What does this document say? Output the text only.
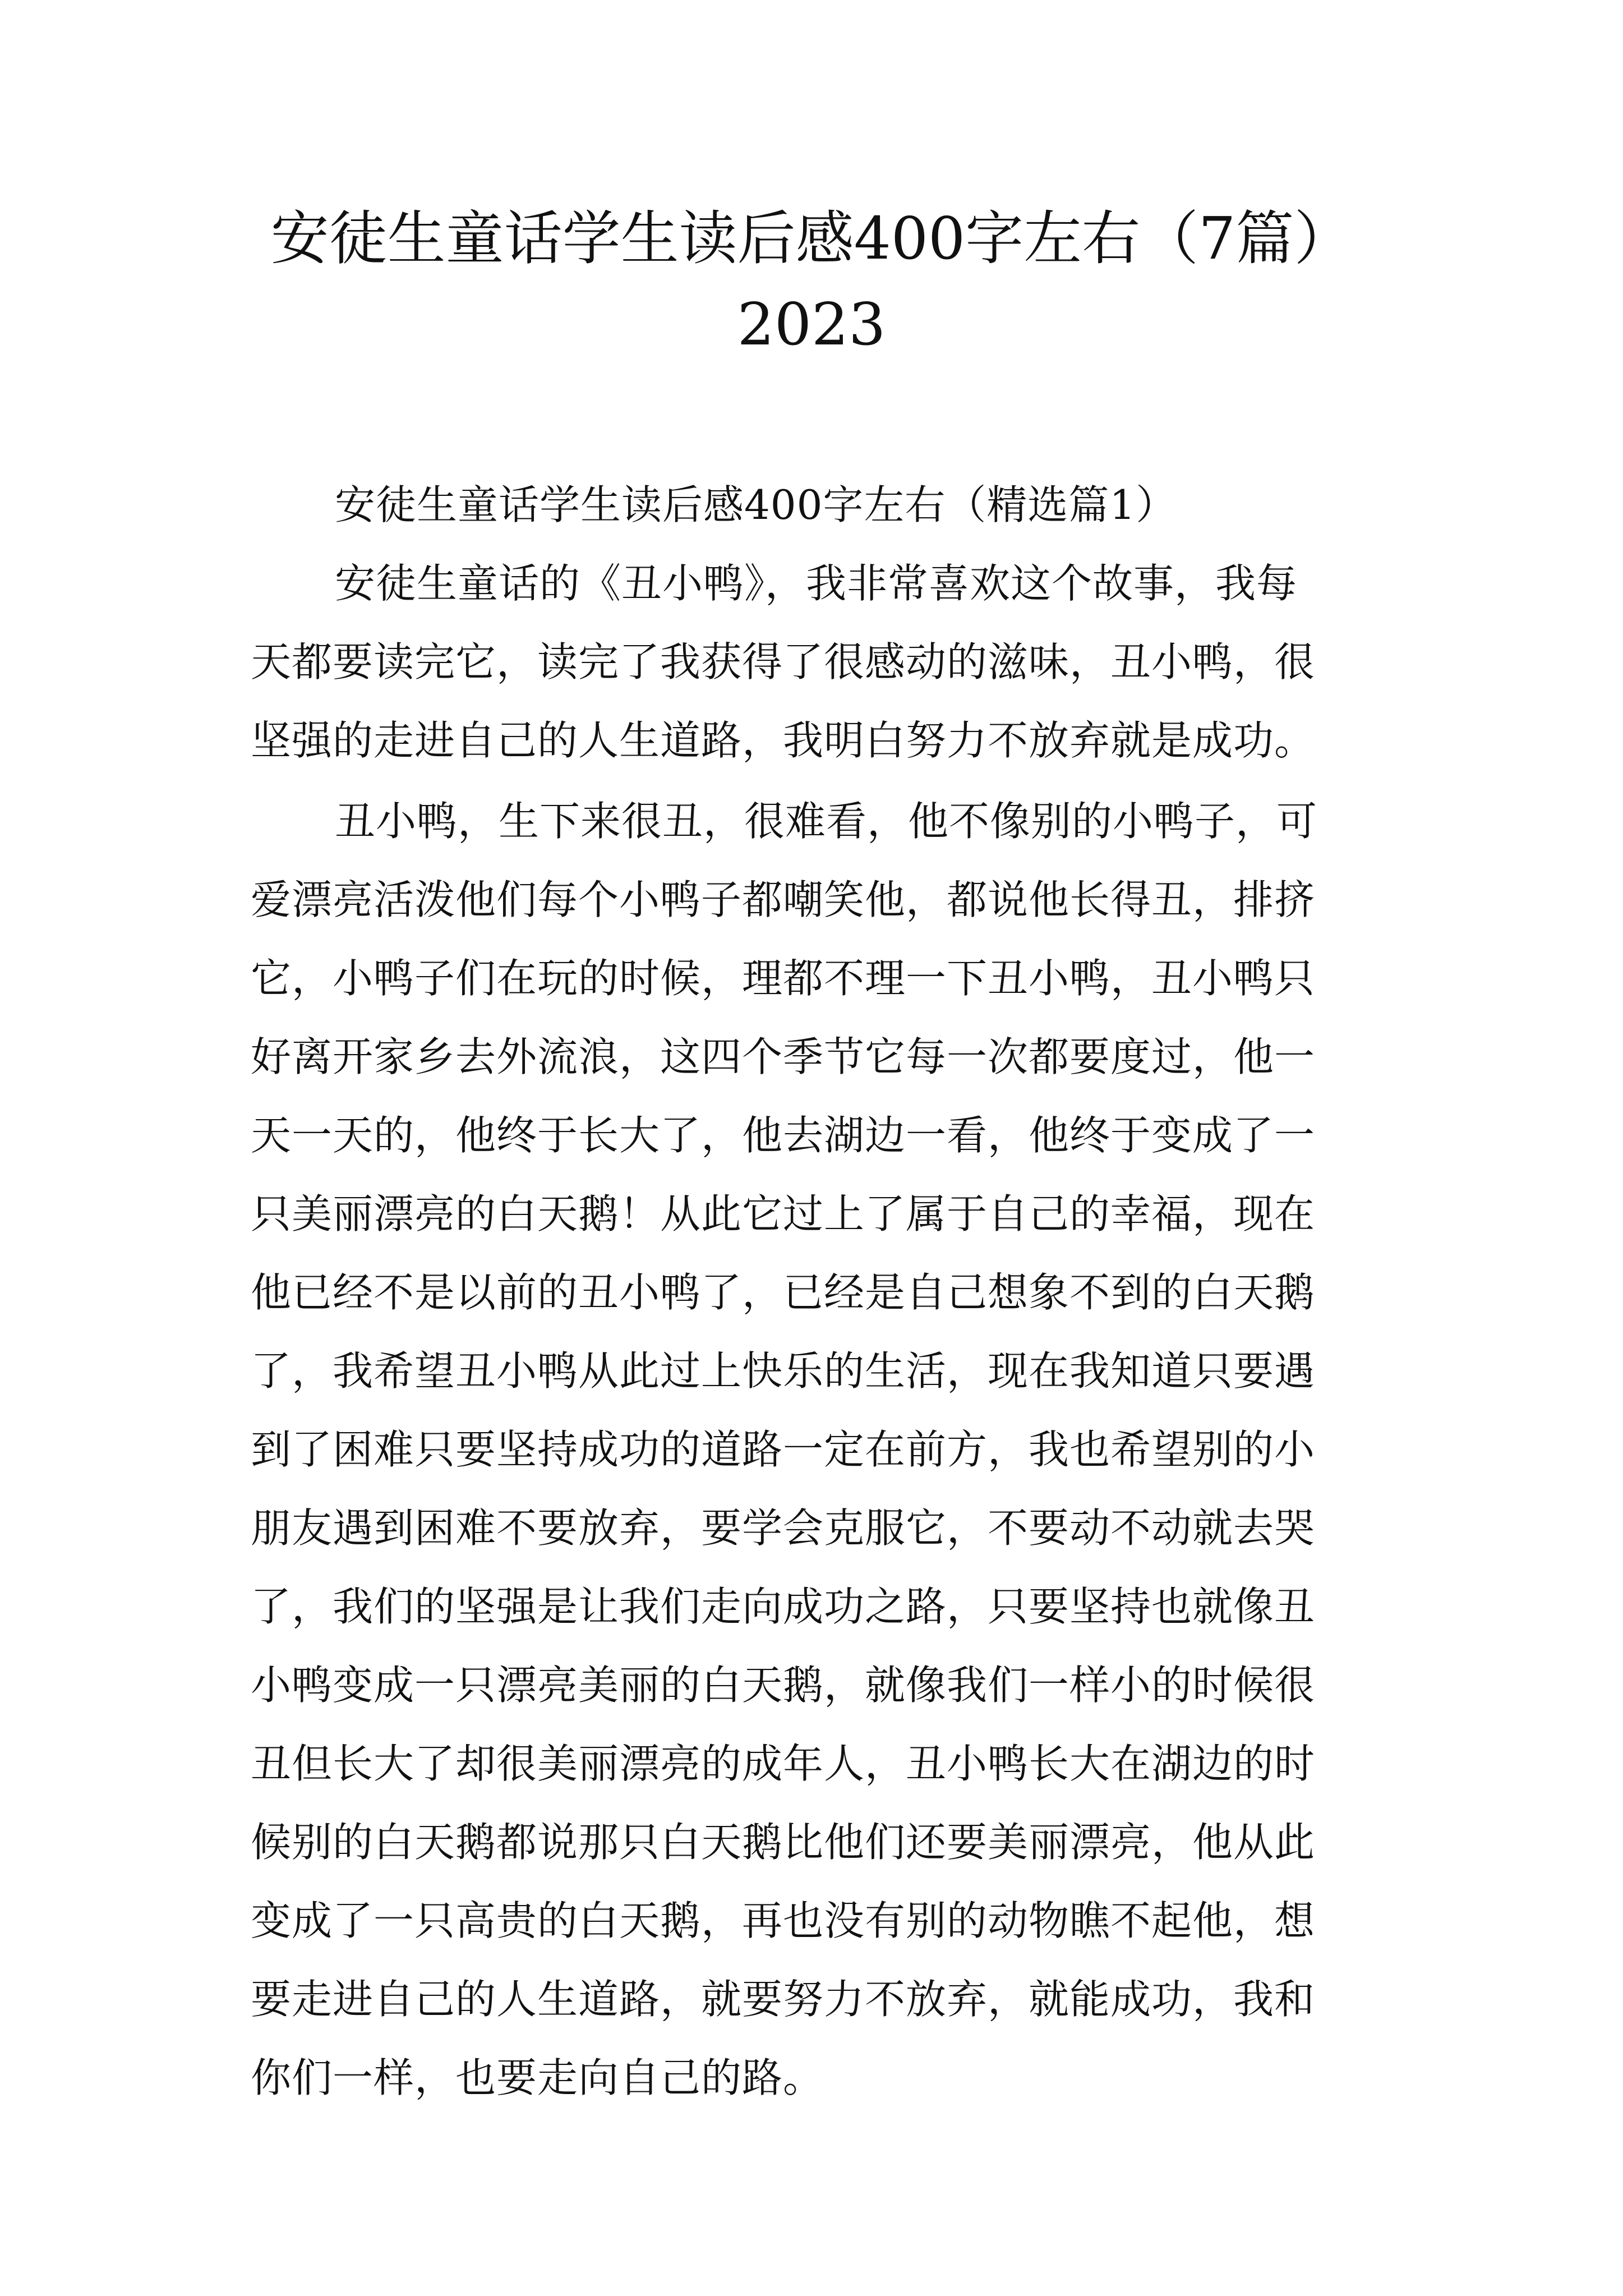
安徒生童话学生读后感400字左右（7篇）
2023
安徒生童话学生读后感400字左右（精选篇1）
安徒生童话的《丑小鸭》，我非常喜欢这个故事，我每
天都要读完它，读完了我获得了很感动的滋味，丑小鸭，很
坚强的走进自己的人生道路，我明白努力不放弃就是成功。
丑小鸭，生下来很丑，很难看，他不像别的小鸭子，可
爱漂亮活泼他们每个小鸭子都嘲笑他，都说他长得丑，排挤
它，小鸭子们在玩的时候，理都不理一下丑小鸭，丑小鸭只
好离开家乡去外流浪，这四个季节它每一次都要度过，他一
天一天的，他终于长大了，他去湖边一看，他终于变成了一
只美丽漂亮的白天鹅！从此它过上了属于自己的幸福，现在
他已经不是以前的丑小鸭了，已经是自己想象不到的白天鹅
了，我希望丑小鸭从此过上快乐的生活，现在我知道只要遇
到了困难只要坚持成功的道路一定在前方，我也希望别的小
朋友遇到困难不要放弃，要学会克服它，不要动不动就去哭
了，我们的坚强是让我们走向成功之路，只要坚持也就像丑
小鸭变成一只漂亮美丽的白天鹅，就像我们一样小的时候很
丑但长大了却很美丽漂亮的成年人，丑小鸭长大在湖边的时
候别的白天鹅都说那只白天鹅比他们还要美丽漂亮，他从此
变成了一只高贵的白天鹅，再也没有别的动物瞧不起他，想
要走进自己的人生道路，就要努力不放弃，就能成功，我和
你们一样，也要走向自己的路。
